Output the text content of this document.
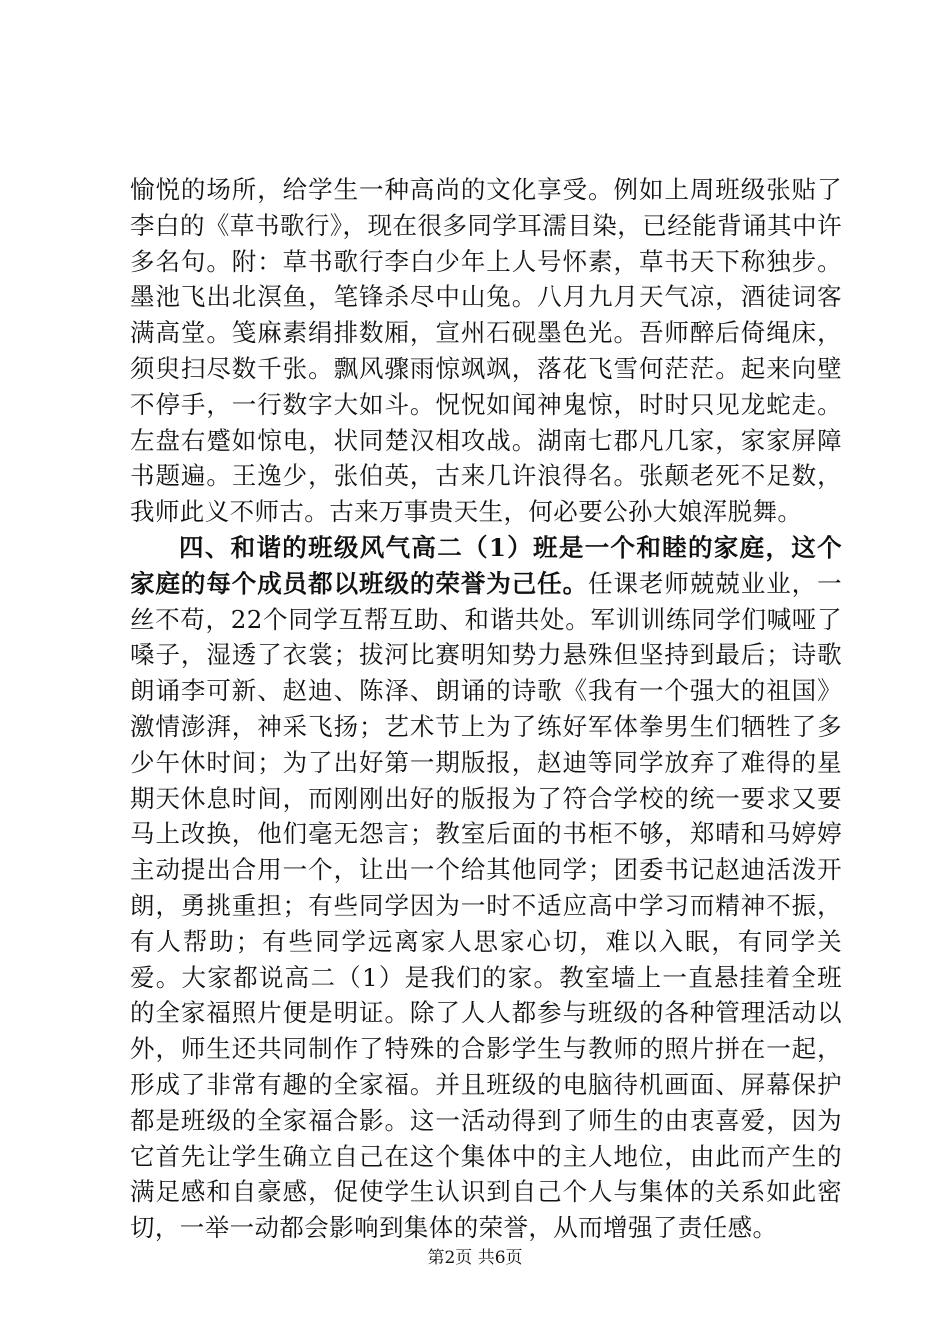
愉悦的场所，给学生一种高尚的文化享受。例如上周班级张贴了李白的《草书歌行》，现在很多同学耳濡目染，已经能背诵其中许多名句。附：草书歌行李白少年上人号怀素，草书天下称独步。墨池飞出北溟鱼，笔锋杀尽中山兔。八月九月天气凉，酒徒词客满高堂。笺麻素绢排数厢，宣州石砚墨色光。吾师醉后倚绳床，须臾扫尽数千张。飘风骤雨惊飒飒，落花飞雪何茫茫。起来向壁不停手，一行数字大如斗。怳怳如闻神鬼惊，时时只见龙蛇走。左盘右蹙如惊电，状同楚汉相攻战。湖南七郡凡几家，家家屏障书题遍。王逸少，张伯英，古来几许浪得名。张颠老死不足数，我师此义不师古。古来万事贵天生，何必要公孙大娘浑脱舞。

四、和谐的班级风气高二（1）班是一个和睦的家庭，这个家庭的每个成员都以班级的荣誉为己任。任课老师兢兢业业，一丝不苟，22个同学互帮互助、和谐共处。军训训练同学们喊哑了嗓子，湿透了衣裳；拔河比赛明知势力悬殊但坚持到最后；诗歌朗诵李可新、赵迪、陈泽、朗诵的诗歌《我有一个强大的祖国》激情澎湃，神采飞扬；艺术节上为了练好军体拳男生们牺牲了多少午休时间；为了出好第一期版报，赵迪等同学放弃了难得的星期天休息时间，而刚刚出好的版报为了符合学校的统一要求又要马上改换，他们毫无怨言；教室后面的书柜不够，郑晴和马婷婷主动提出合用一个，让出一个给其他同学；团委书记赵迪活泼开朗，勇挑重担；有些同学因为一时不适应高中学习而精神不振，有人帮助；有些同学远离家人思家心切，难以入眠，有同学关爱。大家都说高二（1）是我们的家。教室墙上一直悬挂着全班的全家福照片便是明证。除了人人都参与班级的各种管理活动以外，师生还共同制作了特殊的合影学生与教师的照片拼在一起，形成了非常有趣的全家福。并且班级的电脑待机画面、屏幕保护都是班级的全家福合影。这一活动得到了师生的由衷喜爱，因为它首先让学生确立自己在这个集体中的主人地位，由此而产生的满足感和自豪感，促使学生认识到自己个人与集体的关系如此密切，一举一动都会影响到集体的荣誉，从而增强了责任感。

第2页 共6页
